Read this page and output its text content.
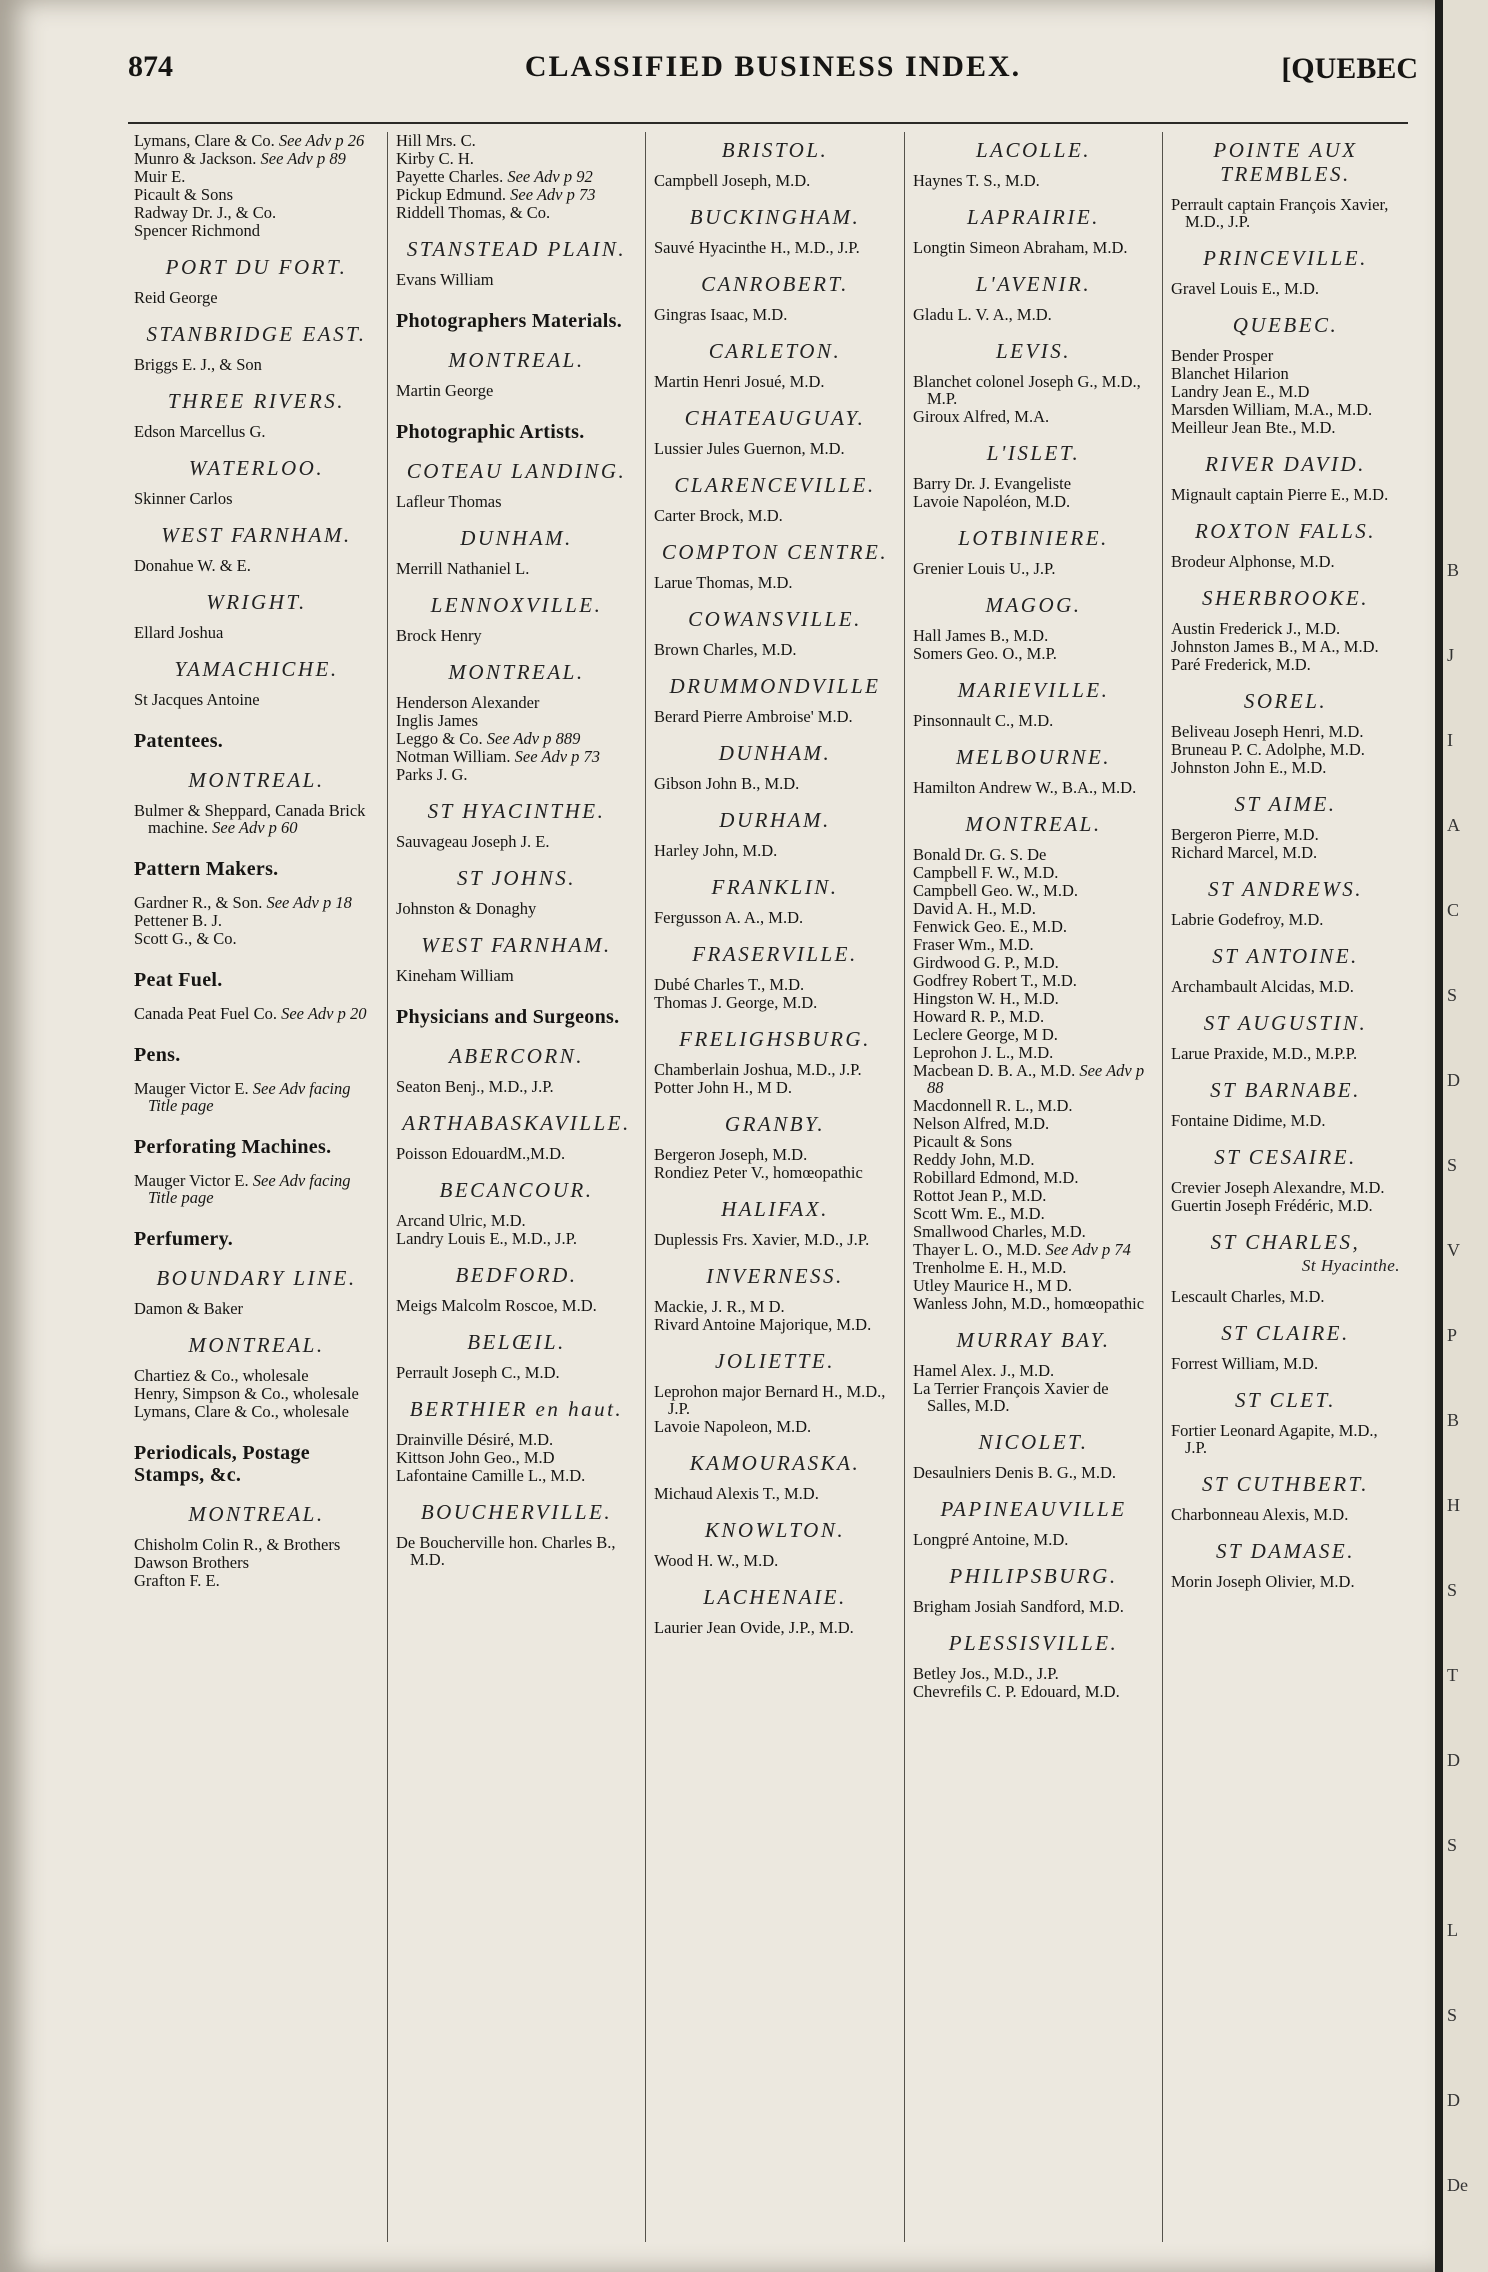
874	CLASSIFIED BUSINESS INDEX.	[QUEBEC
Lymans, Clare & Co. See Adv p 26
Munro & Jackson. See Adv p 89
Muir E.
Picault & Sons
Radway Dr. J., & Co.
Spencer Richmond
PORT DU FORT.
Reid George
STANBRIDGE EAST.
Briggs E. J., & Son
THREE RIVERS.
Edson Marcellus G.
WATERLOO.
Skinner Carlos
WEST FARNHAM.
Donahue W. & E.
WRIGHT.
Ellard Joshua
YAMACHICHE.
St Jacques Antoine
Patentees.
MONTREAL.
Bulmer & Sheppard, Canada Brick machine. See Adv p 60
Pattern Makers.
Gardner R., & Son. See Adv p 18
Pettener B. J.
Scott G., & Co.
Peat Fuel.
Canada Peat Fuel Co. See Adv p 20
Pens.
Mauger Victor E. See Adv facing Title page
Perforating Machines.
Mauger Victor E. See Adv facing Title page
Perfumery.
BOUNDARY LINE.
Damon & Baker
MONTREAL.
Chartiez & Co., wholesale
Henry, Simpson & Co., wholesale
Lymans, Clare & Co., wholesale
Periodicals, Postage Stamps, &c.
MONTREAL.
Chisholm Colin R., & Brothers
Dawson Brothers
Grafton F. E.
Hill Mrs. C.
Kirby C. H.
Payette Charles. See Adv p 92
Pickup Edmund. See Adv p 73
Riddell Thomas, & Co.
STANSTEAD PLAIN.
Evans William
Photographers Materials.
MONTREAL.
Martin George
Photographic Artists.
COTEAU LANDING.
Lafleur Thomas
DUNHAM.
Merrill Nathaniel L.
LENNOXVILLE.
Brock Henry
MONTREAL.
Henderson Alexander
Inglis James
Leggo & Co. See Adv p 889
Notman William. See Adv p 73
Parks J. G.
ST HYACINTHE.
Sauvageau Joseph J. E.
ST JOHNS.
Johnston & Donaghy
WEST FARNHAM.
Kineham William
Physicians and Surgeons.
ABERCORN.
Seaton Benj., M.D., J.P.
ARTHABASKAVILLE.
Poisson EdouardM.,M.D.
BECANCOUR.
Arcand Ulric, M.D.
Landry Louis E., M.D., J.P.
BEDFORD.
Meigs Malcolm Roscoe, M.D.
BELŒIL.
Perrault Joseph C., M.D.
BERTHIER en haut.
Drainville Désiré, M.D.
Kittson John Geo., M.D
Lafontaine Camille L., M.D.
BOUCHERVILLE.
De Boucherville hon. Charles B., M.D.
BRISTOL.
Campbell Joseph, M.D.
BUCKINGHAM.
Sauvé Hyacinthe H., M.D., J.P.
CANROBERT.
Gingras Isaac, M.D.
CARLETON.
Martin Henri Josué, M.D.
CHATEAUGUAY.
Lussier Jules Guernon, M.D.
CLARENCEVILLE.
Carter Brock, M.D.
COMPTON CENTRE.
Larue Thomas, M.D.
COWANSVILLE.
Brown Charles, M.D.
DRUMMONDVILLE
Berard Pierre Ambroise' M.D.
DUNHAM.
Gibson John B., M.D.
DURHAM.
Harley John, M.D.
FRANKLIN.
Fergusson A. A., M.D.
FRASERVILLE.
Dubé Charles T., M.D.
Thomas J. George, M.D.
FRELIGHSBURG.
Chamberlain Joshua, M.D., J.P.
Potter John H., M D.
GRANBY.
Bergeron Joseph, M.D.
Rondiez Peter V., homœopathic
HALIFAX.
Duplessis Frs. Xavier, M.D., J.P.
INVERNESS.
Mackie, J. R., M D.
Rivard Antoine Majorique, M.D.
JOLIETTE.
Leprohon major Bernard H., M.D., J.P.
Lavoie Napoleon, M.D.
KAMOURASKA.
Michaud Alexis T., M.D.
KNOWLTON.
Wood H. W., M.D.
LACHENAIE.
Laurier Jean Ovide, J.P., M.D.
LACOLLE.
Haynes T. S., M.D.
LAPRAIRIE.
Longtin Simeon Abraham, M.D.
L'AVENIR.
Gladu L. V. A., M.D.
LEVIS.
Blanchet colonel Joseph G., M.D., M.P.
Giroux Alfred, M.A.
L'ISLET.
Barry Dr. J. Evangeliste
Lavoie Napoléon, M.D.
LOTBINIERE.
Grenier Louis U., J.P.
MAGOG.
Hall James B., M.D.
Somers Geo. O., M.P.
MARIEVILLE.
Pinsonnault C., M.D.
MELBOURNE.
Hamilton Andrew W., B.A., M.D.
MONTREAL.
Bonald Dr. G. S. De
Campbell F. W., M.D.
Campbell Geo. W., M.D.
David A. H., M.D.
Fenwick Geo. E., M.D.
Fraser Wm., M.D.
Girdwood G. P., M.D.
Godfrey Robert T., M.D.
Hingston W. H., M.D.
Howard R. P., M.D.
Leclere George, M D.
Leprohon J. L., M.D.
Macbean D. B. A., M.D. See Adv p 88
Macdonnell R. L., M.D.
Nelson Alfred, M.D.
Picault & Sons
Reddy John, M.D.
Robillard Edmond, M.D.
Rottot Jean P., M.D.
Scott Wm. E., M.D.
Smallwood Charles, M.D.
Thayer L. O., M.D. See Adv p 74
Trenholme E. H., M.D.
Utley Maurice H., M D.
Wanless John, M.D., homœopathic
MURRAY BAY.
Hamel Alex. J., M.D.
La Terrier François Xavier de Salles, M.D.
NICOLET.
Desaulniers Denis B. G., M.D.
PAPINEAUVILLE
Longpré Antoine, M.D.
PHILIPSBURG.
Brigham Josiah Sandford, M.D.
PLESSISVILLE.
Betley Jos., M.D., J.P.
Chevrefils C. P. Edouard, M.D.
POINTE AUX TREMBLES.
Perrault captain François Xavier, M.D., J.P.
PRINCEVILLE.
Gravel Louis E., M.D.
QUEBEC.
Bender Prosper
Blanchet Hilarion
Landry Jean E., M.D
Marsden William, M.A., M.D.
Meilleur Jean Bte., M.D.
RIVER DAVID.
Mignault captain Pierre E., M.D.
ROXTON FALLS.
Brodeur Alphonse, M.D.
SHERBROOKE.
Austin Frederick J., M.D.
Johnston James B., M A., M.D.
Paré Frederick, M.D.
SOREL.
Beliveau Joseph Henri, M.D.
Bruneau P. C. Adolphe, M.D.
Johnston John E., M.D.
ST AIME.
Bergeron Pierre, M.D.
Richard Marcel, M.D.
ST ANDREWS.
Labrie Godefroy, M.D.
ST ANTOINE.
Archambault Alcidas, M.D.
ST AUGUSTIN.
Larue Praxide, M.D., M.P.P.
ST BARNABE.
Fontaine Didime, M.D.
ST CESAIRE.
Crevier Joseph Alexandre, M.D.
Guertin Joseph Frédéric, M.D.
ST CHARLES,
St Hyacinthe.
Lescault Charles, M.D.
ST CLAIRE.
Forrest William, M.D.
ST CLET.
Fortier Leonard Agapite, M.D., J.P.
ST CUTHBERT.
Charbonneau Alexis, M.D.
ST DAMASE.
Morin Joseph Olivier, M.D.
B
J
I
A
C
S
D
S
V
P
B
H
S
T
D
S
L
S
D
De
